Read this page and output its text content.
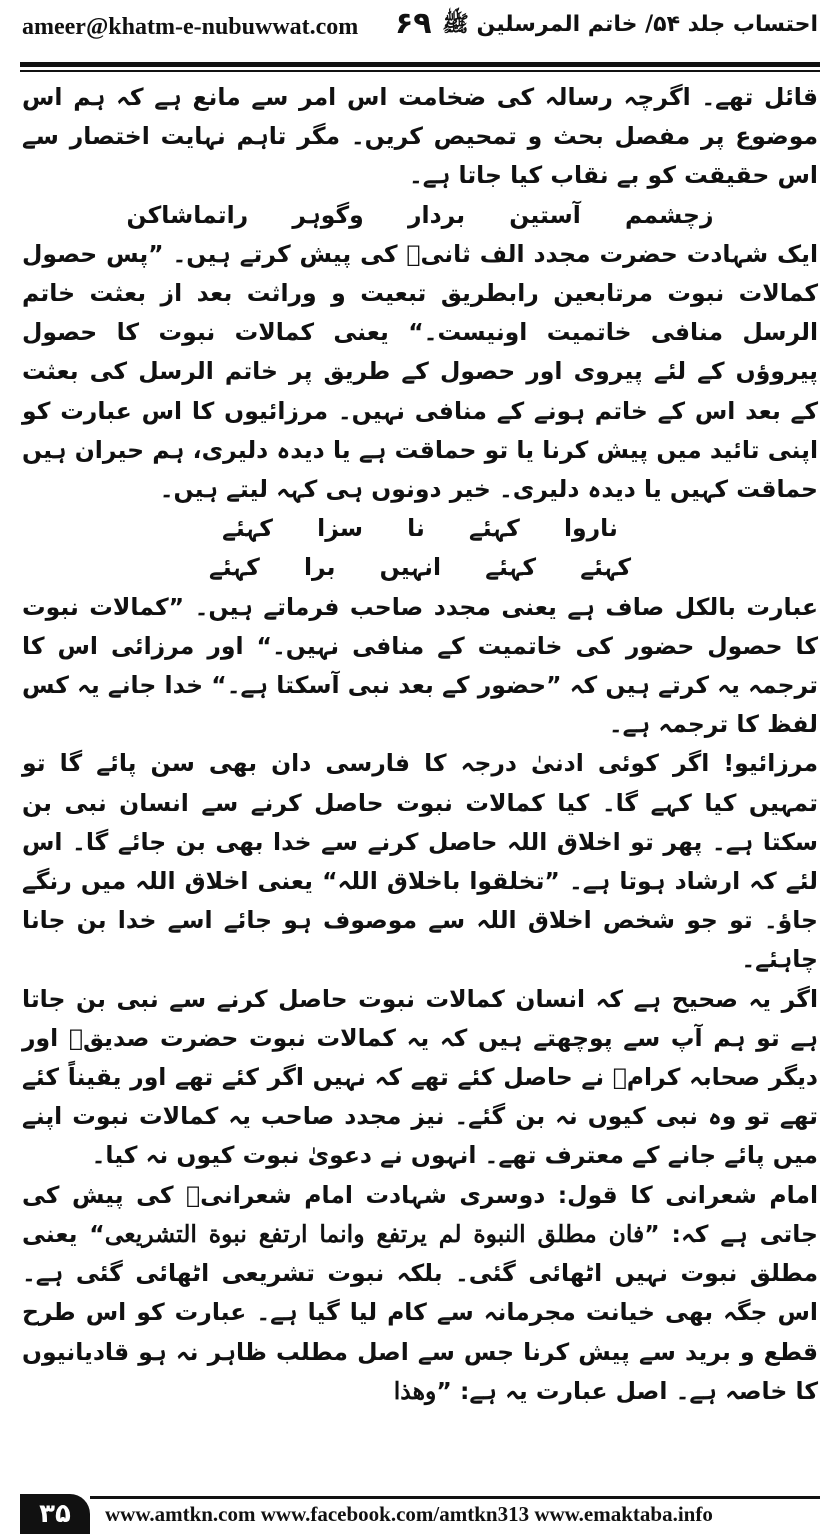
ameer@khatm-e-nubuwwat.com ۶۹ احتساب جلد ۵۴/ خاتم المرسلین ﷺ

قائل تھے۔ اگرچہ رسالہ کی ضخامت اس امر سے مانع ہے کہ ہم اس موضوع پر مفصل بحث و تمحیص کریں۔ مگر تاہم نہایت اختصار سے اس حقیقت کو بے نقاب کیا جاتا ہے۔

زچشمم آستین بردار وگوہر راتماشاکن

ایک شہادت حضرت مجدد الف ثانیؒ کی پیش کرتے ہیں۔ ”پس حصول کمالات نبوت مرتابعین رابطریق تبعیت و وراثت بعد از بعثت خاتم الرسل منافی خاتمیت اونیست۔“ یعنی کمالات نبوت کا حصول پیروؤں کے لئے پیروی اور حصول کے طریق پر خاتم الرسل کی بعثت کے بعد اس کے خاتم ہونے کے منافی نہیں۔ مرزائیوں کا اس عبارت کو اپنی تائید میں پیش کرنا یا تو حماقت ہے یا دیدہ دلیری، ہم حیران ہیں حماقت کہیں یا دیدہ دلیری۔ خیر دونوں ہی کہہ لیتے ہیں۔

ناروا کہئے نا سزا کہئے

کہئے کہئے انہیں برا کہئے

عبارت بالکل صاف ہے یعنی مجدد صاحب فرماتے ہیں۔ ”کمالات نبوت کا حصول حضور کی خاتمیت کے منافی نہیں۔“ اور مرزائی اس کا ترجمہ یہ کرتے ہیں کہ ”حضور کے بعد نبی آسکتا ہے۔“ خدا جانے یہ کس لفظ کا ترجمہ ہے۔

مرزائیو! اگر کوئی ادنیٰ درجہ کا فارسی دان بھی سن پائے گا تو تمہیں کیا کہے گا۔ کیا کمالات نبوت حاصل کرنے سے انسان نبی بن سکتا ہے۔ پھر تو اخلاق اللہ حاصل کرنے سے خدا بھی بن جائے گا۔ اس لئے کہ ارشاد ہوتا ہے۔ ”تخلقوا باخلاق اللہ“ یعنی اخلاق اللہ میں رنگے جاؤ۔ تو جو شخص اخلاق اللہ سے موصوف ہو جائے اسے خدا بن جانا چاہئے۔

اگر یہ صحیح ہے کہ انسان کمالات نبوت حاصل کرنے سے نبی بن جاتا ہے تو ہم آپ سے پوچھتے ہیں کہ یہ کمالات نبوت حضرت صدیقؓ اور دیگر صحابہ کرامؓ نے حاصل کئے تھے کہ نہیں اگر کئے تھے اور یقیناً کئے تھے تو وہ نبی کیوں نہ بن گئے۔ نیز مجدد صاحب یہ کمالات نبوت اپنے میں پائے جانے کے معترف تھے۔ انہوں نے دعویٰ نبوت کیوں نہ کیا۔

امام شعرانی کا قول: دوسری شہادت امام شعرانیؒ کی پیش کی جاتی ہے کہ: ”فان مطلق النبوة لم یرتفع وانما ارتفع نبوة التشریعی“ یعنی مطلق نبوت نہیں اٹھائی گئی۔ بلکہ نبوت تشریعی اٹھائی گئی ہے۔ اس جگہ بھی خیانت مجرمانہ سے کام لیا گیا ہے۔ عبارت کو اس طرح قطع و برید سے پیش کرنا جس سے اصل مطلب ظاہر نہ ہو قادیانیوں کا خاصہ ہے۔ اصل عبارت یہ ہے: ”وھذا

۳۵	www.amtkn.com www.facebook.com/amtkn313 www.emaktaba.info
